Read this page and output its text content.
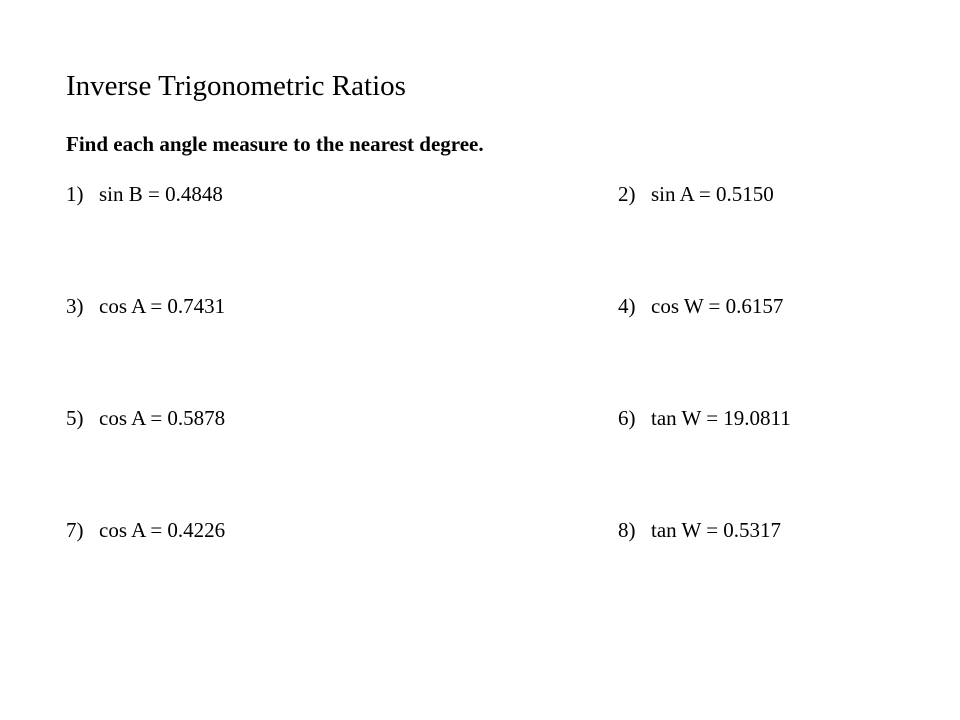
Inverse Trigonometric Ratios
Find each angle measure to the nearest degree.
1) sin B = 0.4848	2) sin A = 0.5150
3) cos A = 0.7431	4) cos W = 0.6157
5) cos A = 0.5878	6) tan W = 19.0811
7) cos A = 0.4226	8) tan W = 0.5317
